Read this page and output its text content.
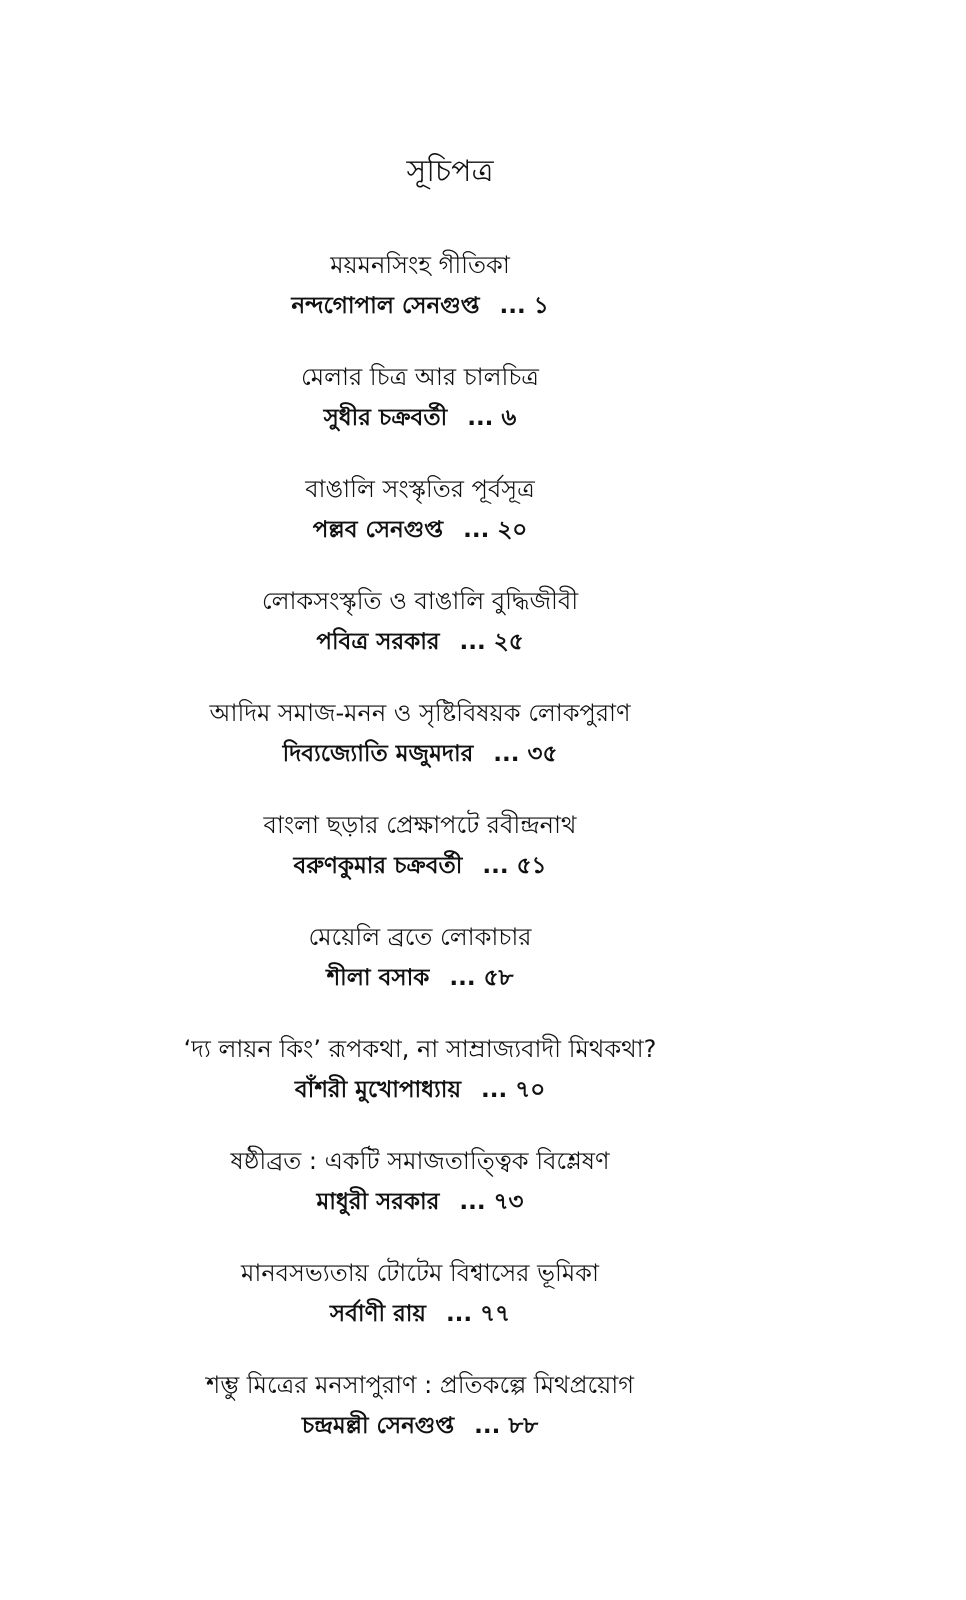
সূচিপত্র
ময়মনসিংহ গীতিকা
নন্দগোপাল সেনগুপ্ত ... ১
মেলার চিত্র আর চালচিত্র
সুধীর চক্রবর্তী ... ৬
বাঙালি সংস্কৃতির পূর্বসূত্র
পল্লব সেনগুপ্ত ... ২০
লোকসংস্কৃতি ও বাঙালি বুদ্ধিজীবী
পবিত্র সরকার ... ২৫
আদিম সমাজ-মনন ও সৃষ্টিবিষয়ক লোকপুরাণ
দিব্যজ্যোতি মজুমদার ... ৩৫
বাংলা ছড়ার প্রেক্ষাপটে রবীন্দ্রনাথ
বরুণকুমার চক্রবর্তী ... ৫১
মেয়েলি ব্রতে লোকাচার
শীলা বসাক ... ৫৮
‘দ্য লায়ন কিং’ রূপকথা, না সাম্রাজ্যবাদী মিথকথা?
বাঁশরী মুখোপাধ্যায় ... ৭০
ষষ্ঠীব্রত : একটি সমাজতাত্ত্বিক বিশ্লেষণ
মাধুরী সরকার ... ৭৩
মানবসভ্যতায় টোটেম বিশ্বাসের ভূমিকা
সর্বাণী রায় ... ৭৭
শম্ভু মিত্রের মনসাপুরাণ : প্রতিকল্পে মিথপ্রয়োগ
চন্দ্রমল্লী সেনগুপ্ত ... ৮৮
